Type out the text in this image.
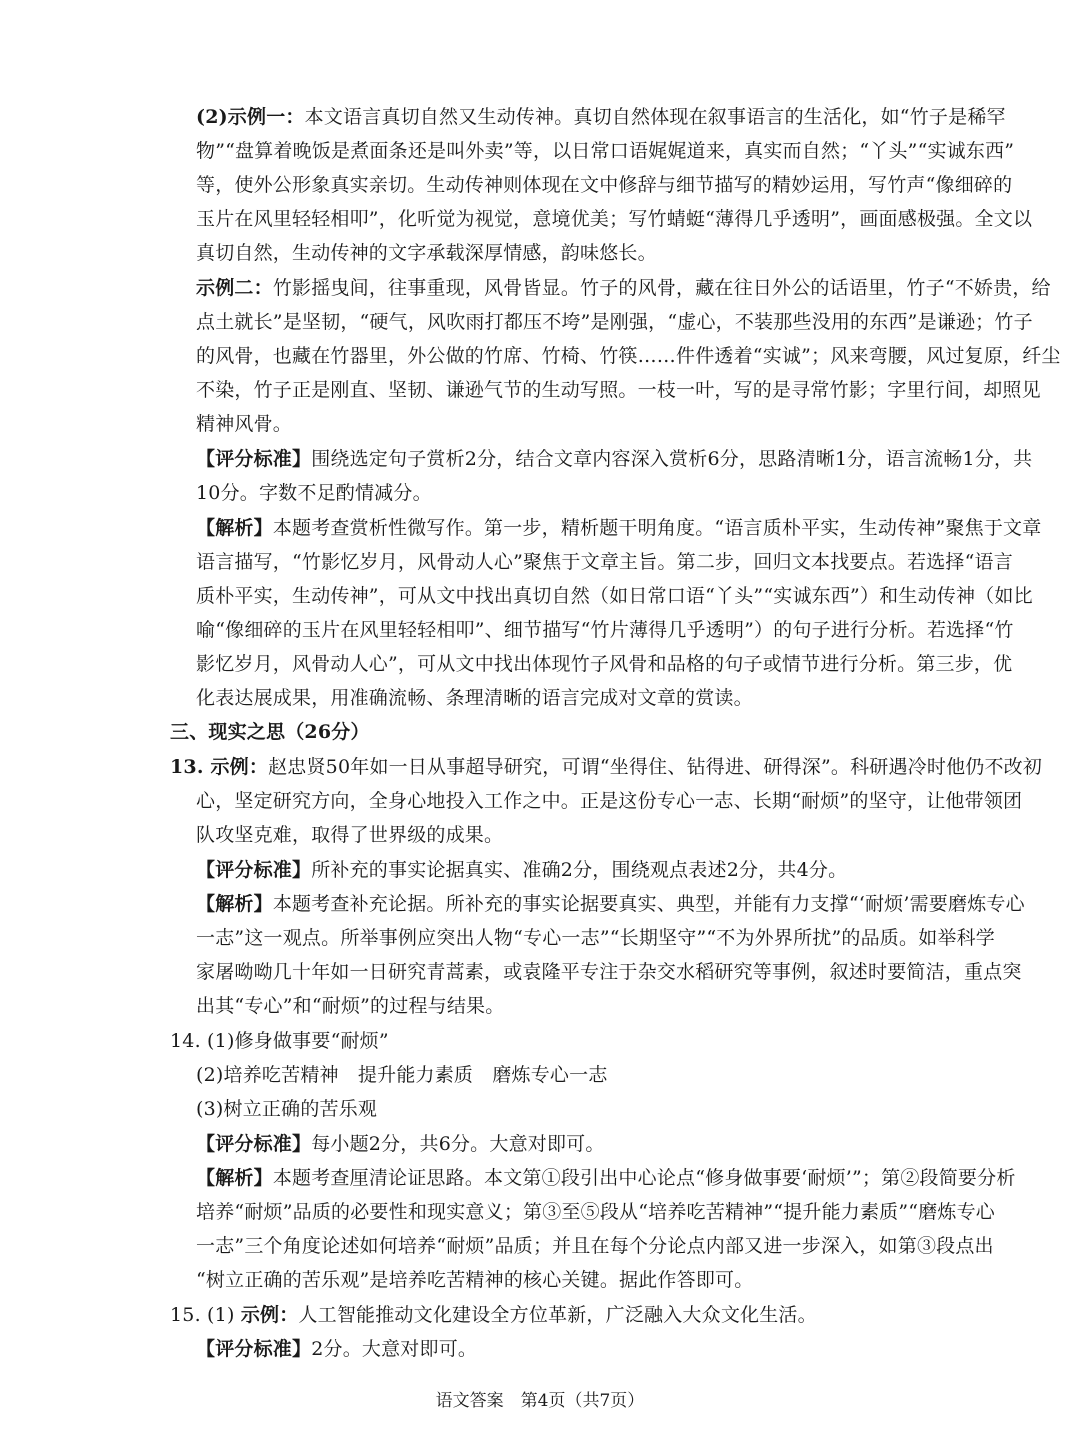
(2)示例一：本文语言真切自然又生动传神。真切自然体现在叙事语言的生活化，如“竹子是稀罕

物”“盘算着晚饭是煮面条还是叫外卖”等，以日常口语娓娓道来，真实而自然；“丫头”“实诚东西”

等，使外公形象真实亲切。生动传神则体现在文中修辞与细节描写的精妙运用，写竹声“像细碎的

玉片在风里轻轻相叩”，化听觉为视觉，意境优美；写竹蜻蜓“薄得几乎透明”，画面感极强。全文以

真切自然，生动传神的文字承载深厚情感，韵味悠长。

示例二：竹影摇曳间，往事重现，风骨皆显。竹子的风骨，藏在往日外公的话语里，竹子“不娇贵，给

点土就长”是坚韧，“硬气，风吹雨打都压不垮”是刚强，“虚心，不装那些没用的东西”是谦逊；竹子

的风骨，也藏在竹器里，外公做的竹席、竹椅、竹筷……件件透着“实诚”；风来弯腰，风过复原，纤尘

不染，竹子正是刚直、坚韧、谦逊气节的生动写照。一枝一叶，写的是寻常竹影；字里行间，却照见

精神风骨。

【评分标准】围绕选定句子赏析2分，结合文章内容深入赏析6分，思路清晰1分，语言流畅1分，共

10分。字数不足酌情减分。

【解析】本题考查赏析性微写作。第一步，精析题干明角度。“语言质朴平实，生动传神”聚焦于文章

语言描写，“竹影忆岁月，风骨动人心”聚焦于文章主旨。第二步，回归文本找要点。若选择“语言

质朴平实，生动传神”，可从文中找出真切自然（如日常口语“丫头”“实诚东西”）和生动传神（如比

喻“像细碎的玉片在风里轻轻相叩”、细节描写“竹片薄得几乎透明”）的句子进行分析。若选择“竹

影忆岁月，风骨动人心”，可从文中找出体现竹子风骨和品格的句子或情节进行分析。第三步，优

化表达展成果，用准确流畅、条理清晰的语言完成对文章的赏读。

三、现实之思（26分）

13. 示例：赵忠贤50年如一日从事超导研究，可谓“坐得住、钻得进、研得深”。科研遇冷时他仍不改初

心，坚定研究方向，全身心地投入工作之中。正是这份专心一志、长期“耐烦”的坚守，让他带领团

队攻坚克难，取得了世界级的成果。

【评分标准】所补充的事实论据真实、准确2分，围绕观点表述2分，共4分。

【解析】本题考查补充论据。所补充的事实论据要真实、典型，并能有力支撑“‘耐烦’需要磨炼专心

一志”这一观点。所举事例应突出人物“专心一志”“长期坚守”“不为外界所扰”的品质。如举科学

家屠呦呦几十年如一日研究青蒿素，或袁隆平专注于杂交水稻研究等事例，叙述时要简洁，重点突

出其“专心”和“耐烦”的过程与结果。

14. (1)修身做事要“耐烦”

(2)培养吃苦精神　提升能力素质　磨炼专心一志

(3)树立正确的苦乐观

【评分标准】每小题2分，共6分。大意对即可。

【解析】本题考查厘清论证思路。本文第①段引出中心论点“修身做事要‘耐烦’”；第②段简要分析

培养“耐烦”品质的必要性和现实意义；第③至⑤段从“培养吃苦精神”“提升能力素质”“磨炼专心

一志”三个角度论述如何培养“耐烦”品质；并且在每个分论点内部又进一步深入，如第③段点出

“树立正确的苦乐观”是培养吃苦精神的核心关键。据此作答即可。

15. (1) 示例：人工智能推动文化建设全方位革新，广泛融入大众文化生活。

【评分标准】2分。大意对即可。

语文答案　第4页（共7页）
